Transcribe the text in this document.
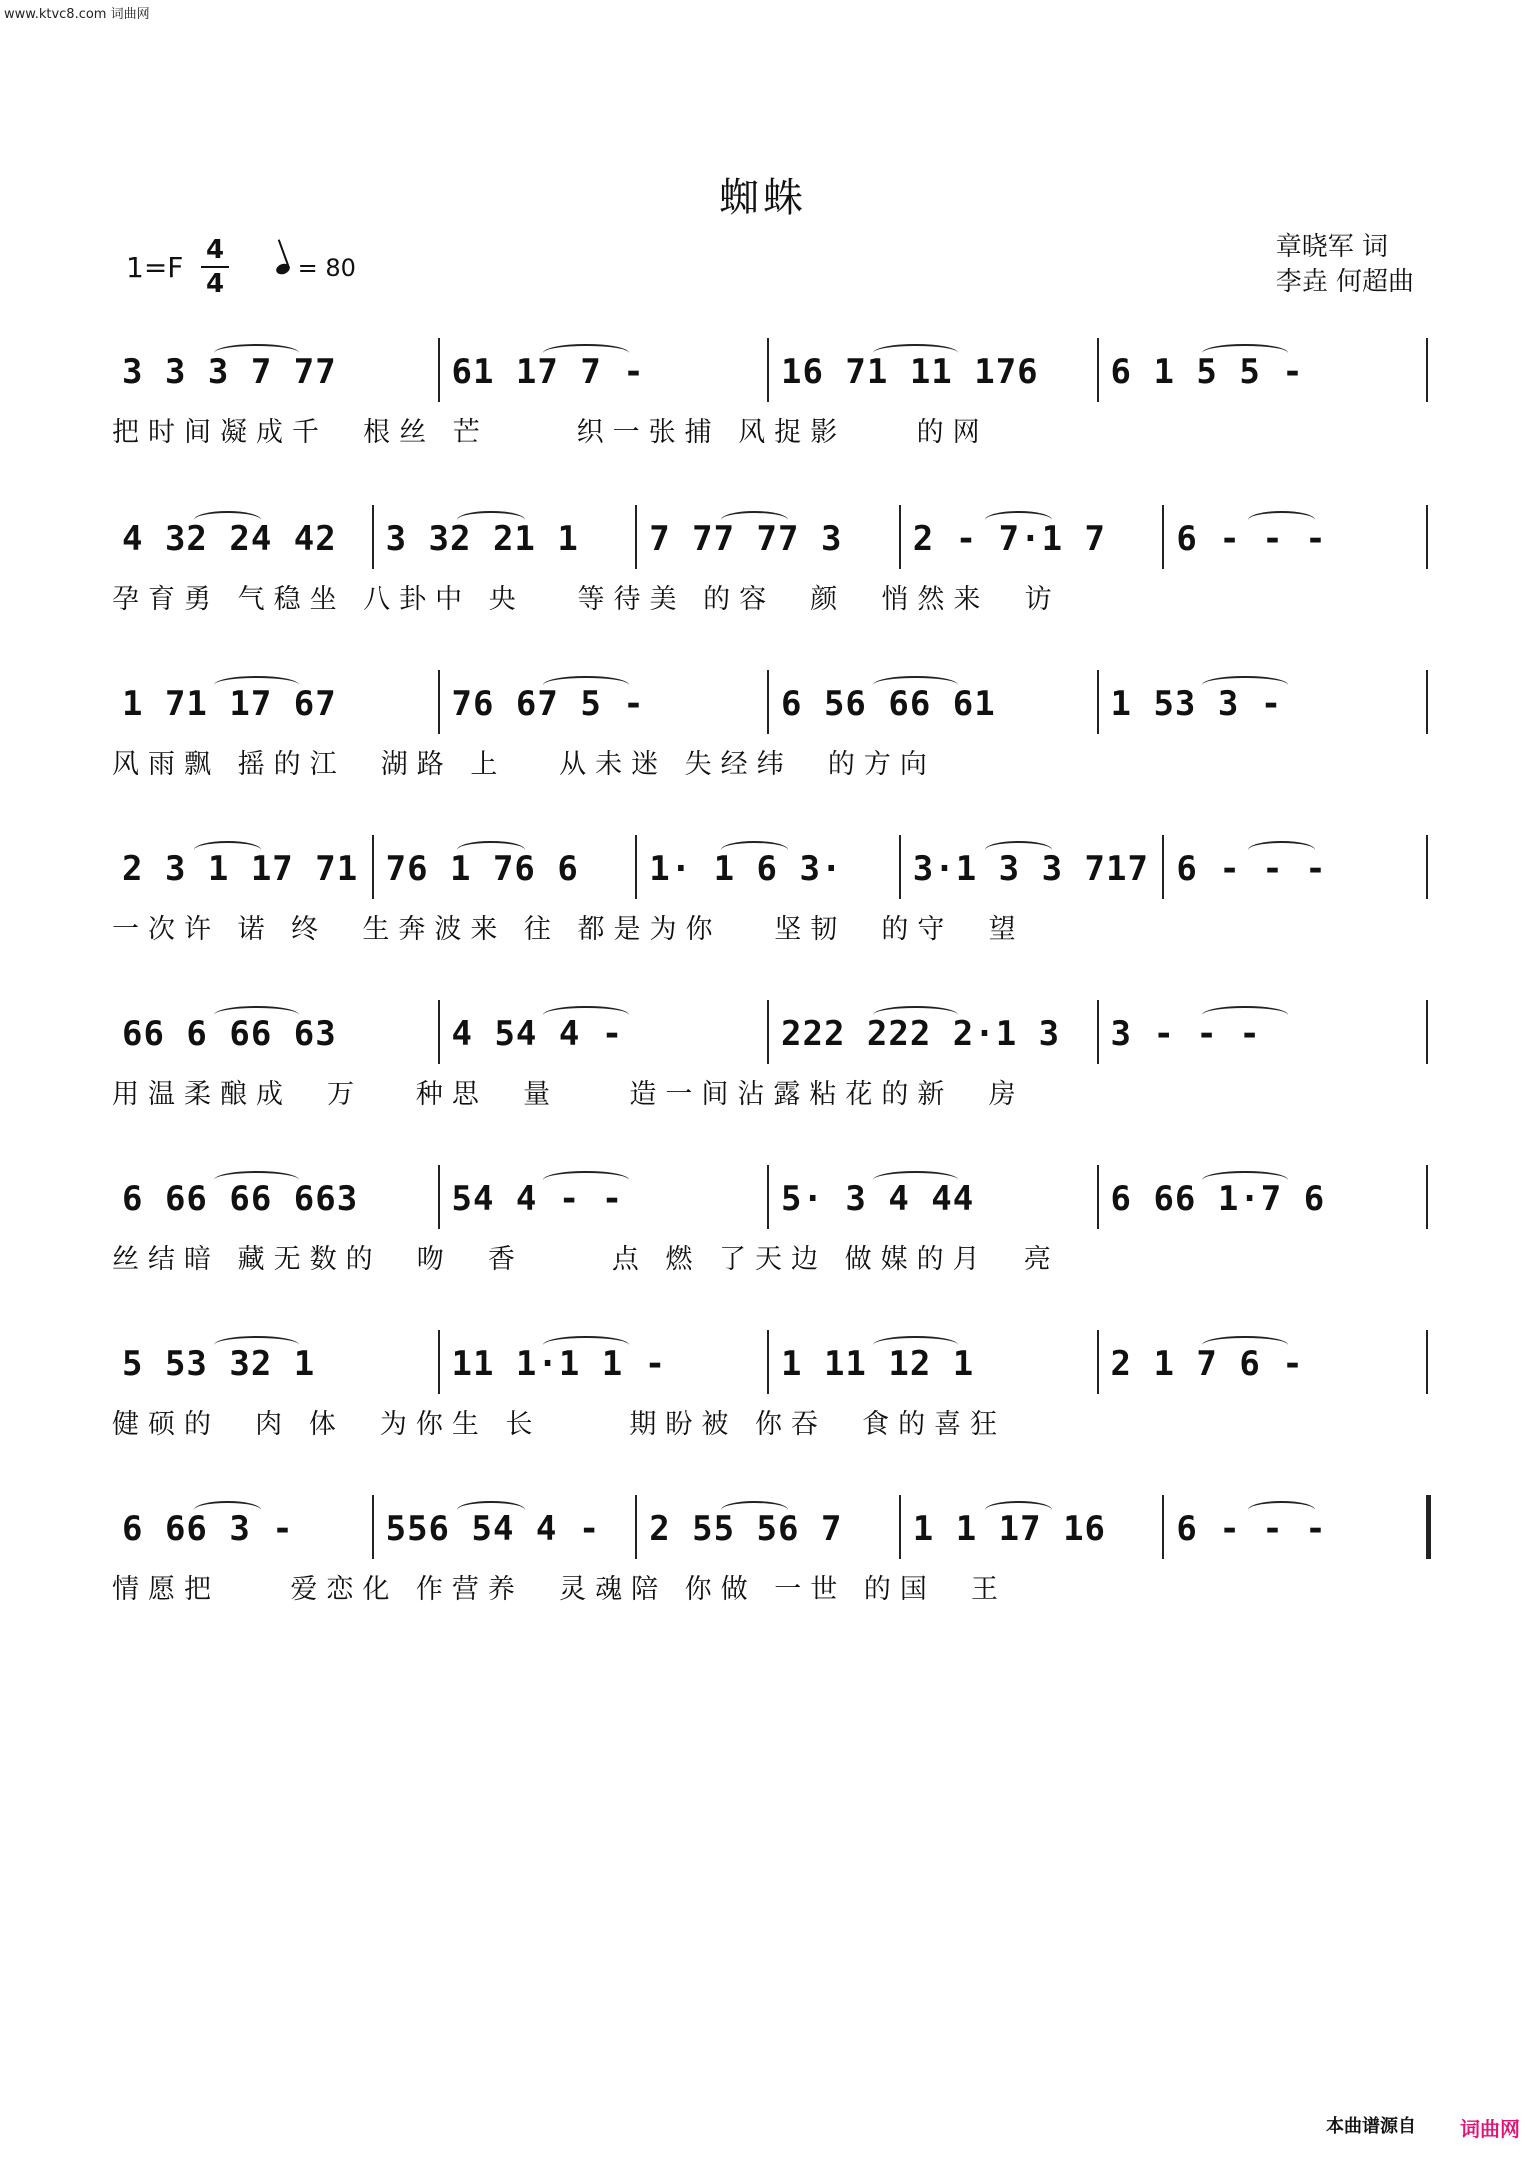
www.ktvc8.com 词曲网
蜘蛛
章晓军 词
李垚 何超曲
1=F
4
4
= 80
3 3 3 7 77	61 17 7 -	16 71 11 176	6 1 5 5 -
把时间凝成千  根丝 芒     织一张捕 风捉影    的网
4 32 24 42	3 32 21 1	7 77 77 3	2 - 7·1 7	6 - - -
孕育勇 气稳坐 八卦中 央   等待美 的容  颜  悄然来  访
1 71 17 67	76 67 5 -	6 56 66 61	1 53 3 -
风雨飘 摇的江  湖路 上   从未迷 失经纬  的方向
2 3 1 17 71 76 1 76 6	1· 1 6 3·	3·1 3 3 717 6 - - -
一次许 诺 终  生奔波来 往 都是为你   坚韧  的守  望
66 6 66 63	4 54 4 -	222 222 2·1 3	3 - - -
用温柔酿成  万   种思  量    造一间沾露粘花的新  房
6 66 66 663	54 4 - -	5· 3 4 44	6 66 1·7 6
丝结暗 藏无数的  吻  香     点 燃 了天边 做媒的月  亮
5 53 32 1	11 1·1 1 -	1 11 12 1	2 1 7 6 -
健硕的  肉 体  为你生 长     期盼被 你吞  食的喜狂
6 66 3 -	556 54 4 -	2 55 56 7	1 1 17 16	6 - - -
情愿把    爱恋化 作营养  灵魂陪 你做 一世 的国  王
本曲谱源自 词曲网
